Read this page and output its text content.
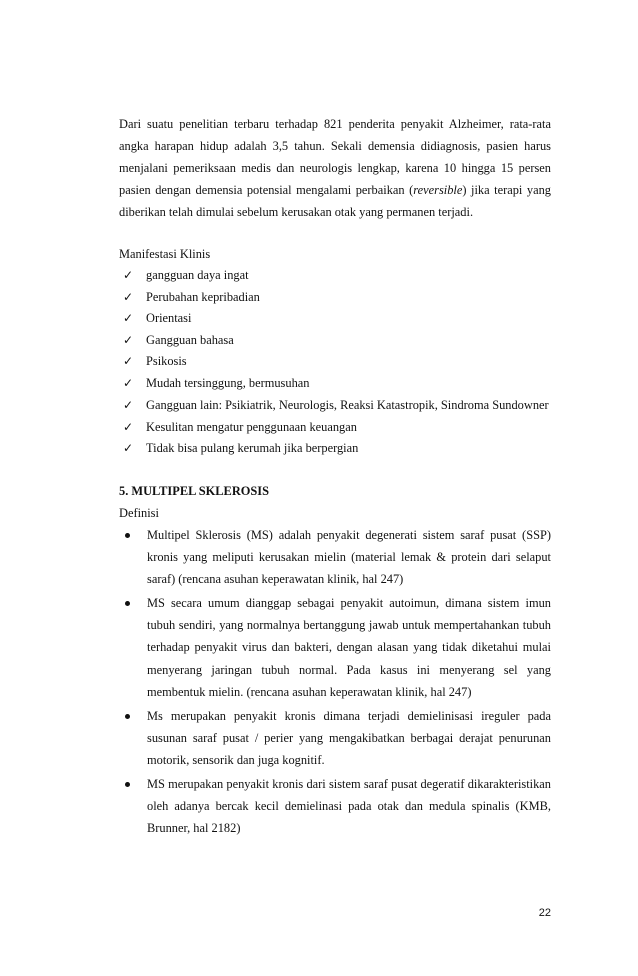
Dari suatu penelitian terbaru terhadap 821 penderita penyakit Alzheimer, rata-rata angka harapan hidup adalah 3,5 tahun. Sekali demensia didiagnosis, pasien harus menjalani pemeriksaan medis dan neurologis lengkap, karena 10 hingga 15 persen pasien dengan demensia potensial mengalami perbaikan (reversible) jika terapi yang diberikan telah dimulai sebelum kerusakan otak yang permanen terjadi.

Manifestasi Klinis

✓ gangguan daya ingat
✓ Perubahan kepribadian
✓ Orientasi
✓ Gangguan bahasa
✓ Psikosis
✓ Mudah tersinggung, bermusuhan
✓ Gangguan lain: Psikiatrik, Neurologis, Reaksi Katastropik, Sindroma Sundowner
✓ Kesulitan mengatur penggunaan keuangan
✓ Tidak bisa pulang kerumah jika berpergian

5. MULTIPEL SKLEROSIS

Definisi

Multipel Sklerosis (MS) adalah penyakit degenerati sistem saraf pusat (SSP) kronis yang meliputi kerusakan mielin (material lemak & protein dari selaput saraf) (rencana asuhan keperawatan klinik, hal 247)
MS secara umum dianggap sebagai penyakit autoimun, dimana sistem imun tubuh sendiri, yang normalnya bertanggung jawab untuk mempertahankan tubuh terhadap penyakit virus dan bakteri, dengan alasan yang tidak diketahui mulai menyerang jaringan tubuh normal. Pada kasus ini menyerang sel yang membentuk mielin. (rencana asuhan keperawatan klinik, hal 247)
Ms merupakan penyakit kronis dimana terjadi demielinisasi ireguler pada susunan saraf pusat / perier yang mengakibatkan berbagai derajat penurunan motorik, sensorik dan juga kognitif.
MS merupakan penyakit kronis dari sistem saraf pusat degeratif dikarakteristikan oleh adanya bercak kecil demielinasi pada otak dan medula spinalis (KMB, Brunner, hal 2182)
22
